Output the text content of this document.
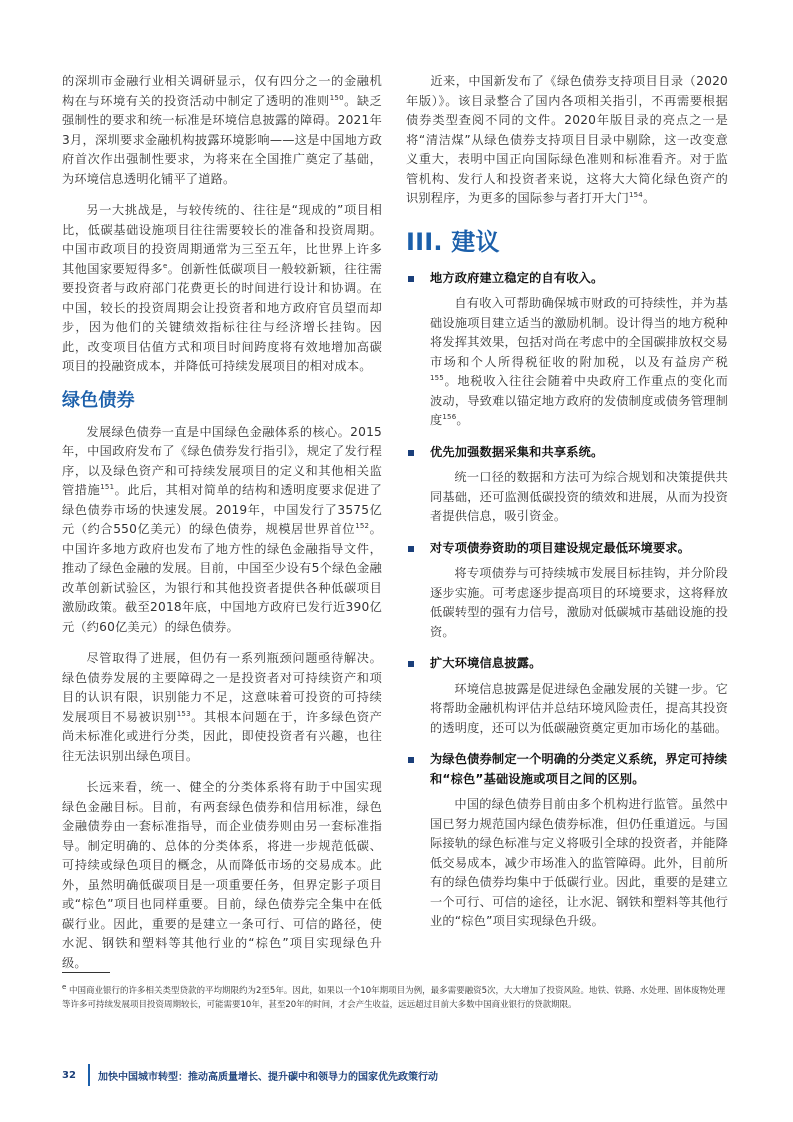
的深圳市金融行业相关调研显示，仅有四分之一的金融机构在与环境有关的投资活动中制定了透明的准则$^{150}$。缺乏强制性的要求和统一标准是环境信息披露的障碍。2021年3月，深圳要求金融机构披露环境影响——这是中国地方政府首次作出强制性要求，为将来在全国推广奠定了基础，为环境信息透明化铺平了道路。

另一大挑战是，与较传统的、往往是“现成的”项目相比，低碳基础设施项目往往需要较长的准备和投资周期。中国市政项目的投资周期通常为三至五年，比世界上许多其他国家要短得多$^e$。创新性低碳项目一般较新颖，往往需要投资者与政府部门花费更长的时间进行设计和协调。在中国，较长的投资周期会让投资者和地方政府官员望而却步，因为他们的关键绩效指标往往与经济增长挂钩。因此，改变项目估值方式和项目时间跨度将有效地增加高碳项目的投融资成本，并降低可持续发展项目的相对成本。

绿色债券

发展绿色债券一直是中国绿色金融体系的核心。2015年，中国政府发布了《绿色债券发行指引》，规定了发行程序，以及绿色资产和可持续发展项目的定义和其他相关监管措施$^{151}$。此后，其相对简单的结构和透明度要求促进了绿色债券市场的快速发展。2019年，中国发行了3575亿元（约合550亿美元）的绿色债券，规模居世界首位$^{152}$。中国许多地方政府也发布了地方性的绿色金融指导文件，推动了绿色金融的发展。目前，中国至少设有5个绿色金融改革创新试验区，为银行和其他投资者提供各种低碳项目激励政策。截至2018年底，中国地方政府已发行近390亿元（约60亿美元）的绿色债券。

尽管取得了进展，但仍有一系列瓶颈问题亟待解决。绿色债券发展的主要障碍之一是投资者对可持续资产和项目的认识有限，识别能力不足，这意味着可投资的可持续发展项目不易被识别$^{153}$。其根本问题在于，许多绿色资产尚未标准化或进行分类，因此，即使投资者有兴趣，也往往无法识别出绿色项目。

长远来看，统一、健全的分类体系将有助于中国实现绿色金融目标。目前，有两套绿色债券和信用标准，绿色金融债券由一套标准指导，而企业债券则由另一套标准指导。制定明确的、总体的分类体系，将进一步规范低碳、可持续或绿色项目的概念，从而降低市场的交易成本。此外，虽然明确低碳项目是一项重要任务，但界定影子项目或“棕色”项目也同样重要。目前，绿色债券完全集中在低碳行业。因此，重要的是建立一条可行、可信的路径，使水泥、钢铁和塑料等其他行业的“棕色”项目实现绿色升级。

近来，中国新发布了《绿色债券支持项目目录（2020年版）》。该目录整合了国内各项相关指引，不再需要根据债券类型查阅不同的文件。2020年版目录的亮点之一是将“清洁煤”从绿色债券支持项目目录中剔除，这一改变意义重大，表明中国正向国际绿色准则和标准看齐。对于监管机构、发行人和投资者来说，这将大大简化绿色资产的识别程序，为更多的国际参与者打开大门$^{154}$。

III. 建议
地方政府建立稳定的自有收入。

自有收入可帮助确保城市财政的可持续性，并为基础设施项目建立适当的激励机制。设计得当的地方税种将发挥其效果，包括对尚在考虑中的全国碳排放权交易市场和个人所得税征收的附加税，以及有益房产税$^{155}$。地税收入往往会随着中央政府工作重点的变化而波动，导致难以锚定地方政府的发债制度或债务管理制度$^{156}$。

优先加强数据采集和共享系统。

统一口径的数据和方法可为综合规划和决策提供共同基础，还可监测低碳投资的绩效和进展，从而为投资者提供信息，吸引资金。

对专项债券资助的项目建设规定最低环境要求。

将专项债券与可持续城市发展目标挂钩，并分阶段逐步实施。可考虑逐步提高项目的环境要求，这将释放低碳转型的强有力信号，激励对低碳城市基础设施的投资。

扩大环境信息披露。

环境信息披露是促进绿色金融发展的关键一步。它将帮助金融机构评估并总结环境风险责任，提高其投资的透明度，还可以为低碳融资奠定更加市场化的基础。

为绿色债券制定一个明确的分类定义系统，界定可持续和“棕色”基础设施或项目之间的区别。

中国的绿色债券目前由多个机构进行监管。虽然中国已努力规范国内绿色债券标准，但仍任重道远。与国际接轨的绿色标准与定义将吸引全球的投资者，并能降低交易成本，减少市场准入的监管障碍。此外，目前所有的绿色债券均集中于低碳行业。因此，重要的是建立一个可行、可信的途径，让水泥、钢铁和塑料等其他行业的“棕色”项目实现绿色升级。

$^e$ 中国商业银行的许多相关类型贷款的平均期限约为2至5年。因此，如果以一个10年期项目为例，最多需要融资5次，大大增加了投资风险。地铁、铁路、水处理、固体废物处理等许多可持续发展项目投资周期较长，可能需要10年，甚至20年的时间，才会产生收益，远远超过目前大多数中国商业银行的贷款期限。
32	加快中国城市转型：推动高质量增长、提升碳中和领导力的国家优先政策行动
